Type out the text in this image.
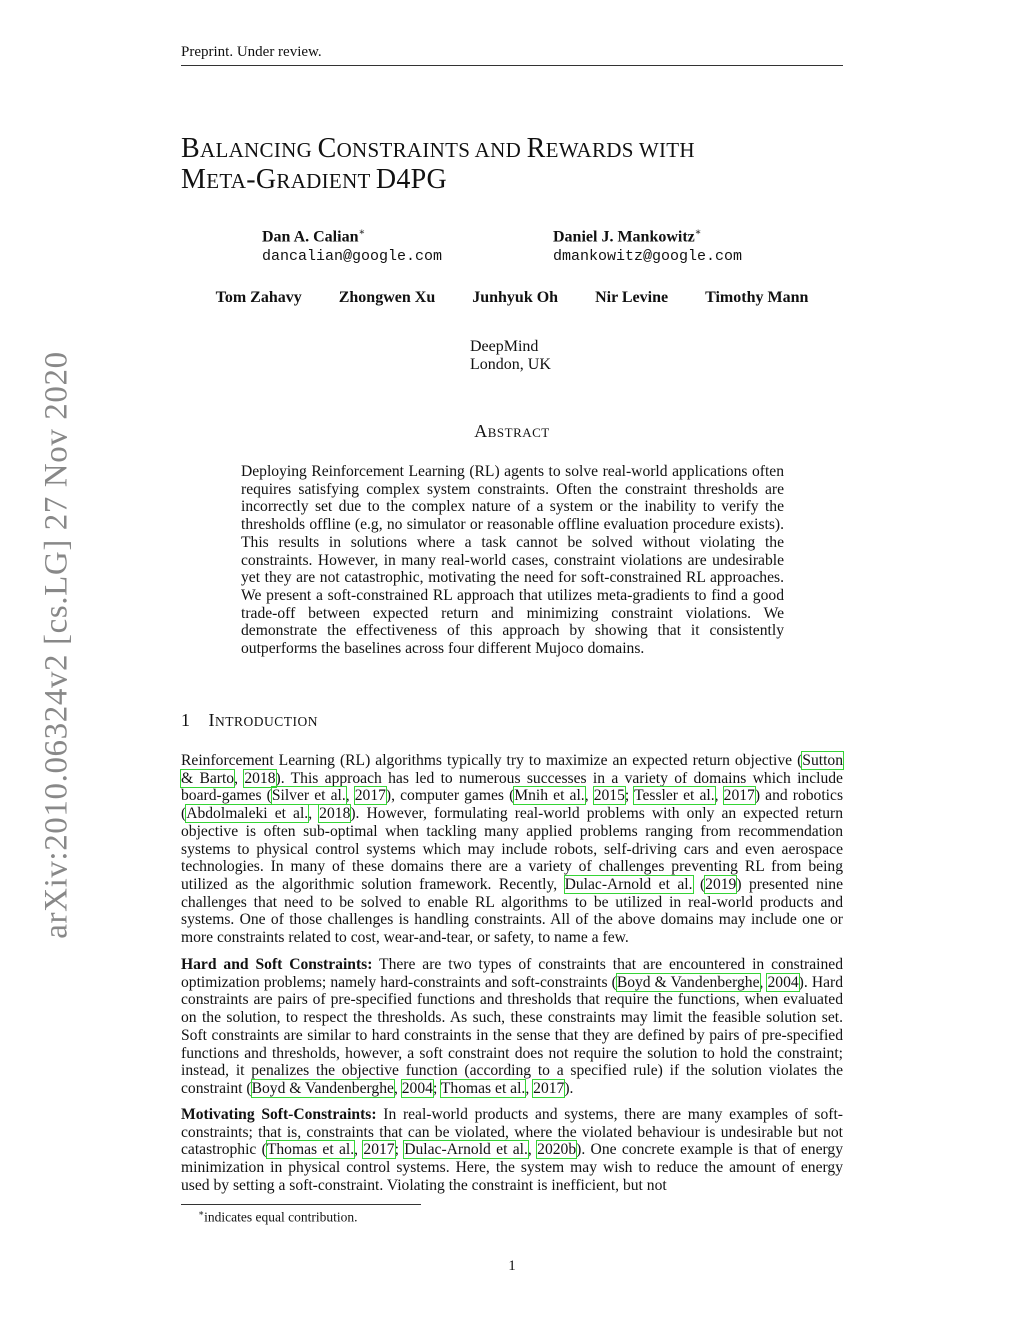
Preprint. Under review.
BALANCING CONSTRAINTS AND REWARDS WITH
META-GRADIENT D4PG
Dan A. Calian∗
dancalian@google.com
Daniel J. Mankowitz∗
dmankowitz@google.com
Tom Zahavy Zhongwen Xu Junhyuk Oh Nir Levine Timothy Mann
DeepMind
London, UK
ABSTRACT
Deploying Reinforcement Learning (RL) agents to solve real-world applications often requires satisfying complex system constraints. Often the constraint thresholds are incorrectly set due to the complex nature of a system or the inability to verify the thresholds offline (e.g, no simulator or reasonable offline evaluation procedure exists). This results in solutions where a task cannot be solved without violating the constraints. However, in many real-world cases, constraint violations are undesirable yet they are not catastrophic, motivating the need for soft-constrained RL approaches. We present a soft-constrained RL approach that utilizes meta-gradients to find a good trade-off between expected return and minimizing constraint violations. We demonstrate the effectiveness of this approach by showing that it consistently outperforms the baselines across four different Mujoco domains.
1 INTRODUCTION
Reinforcement Learning (RL) algorithms typically try to maximize an expected return objective (Sutton & Barto, 2018). This approach has led to numerous successes in a variety of domains which include board-games (Silver et al., 2017), computer games (Mnih et al., 2015; Tessler et al., 2017) and robotics (Abdolmaleki et al., 2018). However, formulating real-world problems with only an expected return objective is often sub-optimal when tackling many applied problems ranging from recommendation systems to physical control systems which may include robots, self-driving cars and even aerospace technologies. In many of these domains there are a variety of challenges preventing RL from being utilized as the algorithmic solution framework. Recently, Dulac-Arnold et al. (2019) presented nine challenges that need to be solved to enable RL algorithms to be utilized in real-world products and systems. One of those challenges is handling constraints. All of the above domains may include one or more constraints related to cost, wear-and-tear, or safety, to name a few.
Hard and Soft Constraints: There are two types of constraints that are encountered in constrained optimization problems; namely hard-constraints and soft-constraints (Boyd & Vandenberghe, 2004). Hard constraints are pairs of pre-specified functions and thresholds that require the functions, when evaluated on the solution, to respect the thresholds. As such, these constraints may limit the feasible solution set. Soft constraints are similar to hard constraints in the sense that they are defined by pairs of pre-specified functions and thresholds, however, a soft constraint does not require the solution to hold the constraint; instead, it penalizes the objective function (according to a specified rule) if the solution violates the constraint (Boyd & Vandenberghe, 2004; Thomas et al., 2017).
Motivating Soft-Constraints: In real-world products and systems, there are many examples of soft-constraints; that is, constraints that can be violated, where the violated behaviour is undesirable but not catastrophic (Thomas et al., 2017; Dulac-Arnold et al., 2020b). One concrete example is that of energy minimization in physical control systems. Here, the system may wish to reduce the amount of energy used by setting a soft-constraint. Violating the constraint is inefficient, but not
∗indicates equal contribution.
1
arXiv:2010.06324v2 [cs.LG] 27 Nov 2020
